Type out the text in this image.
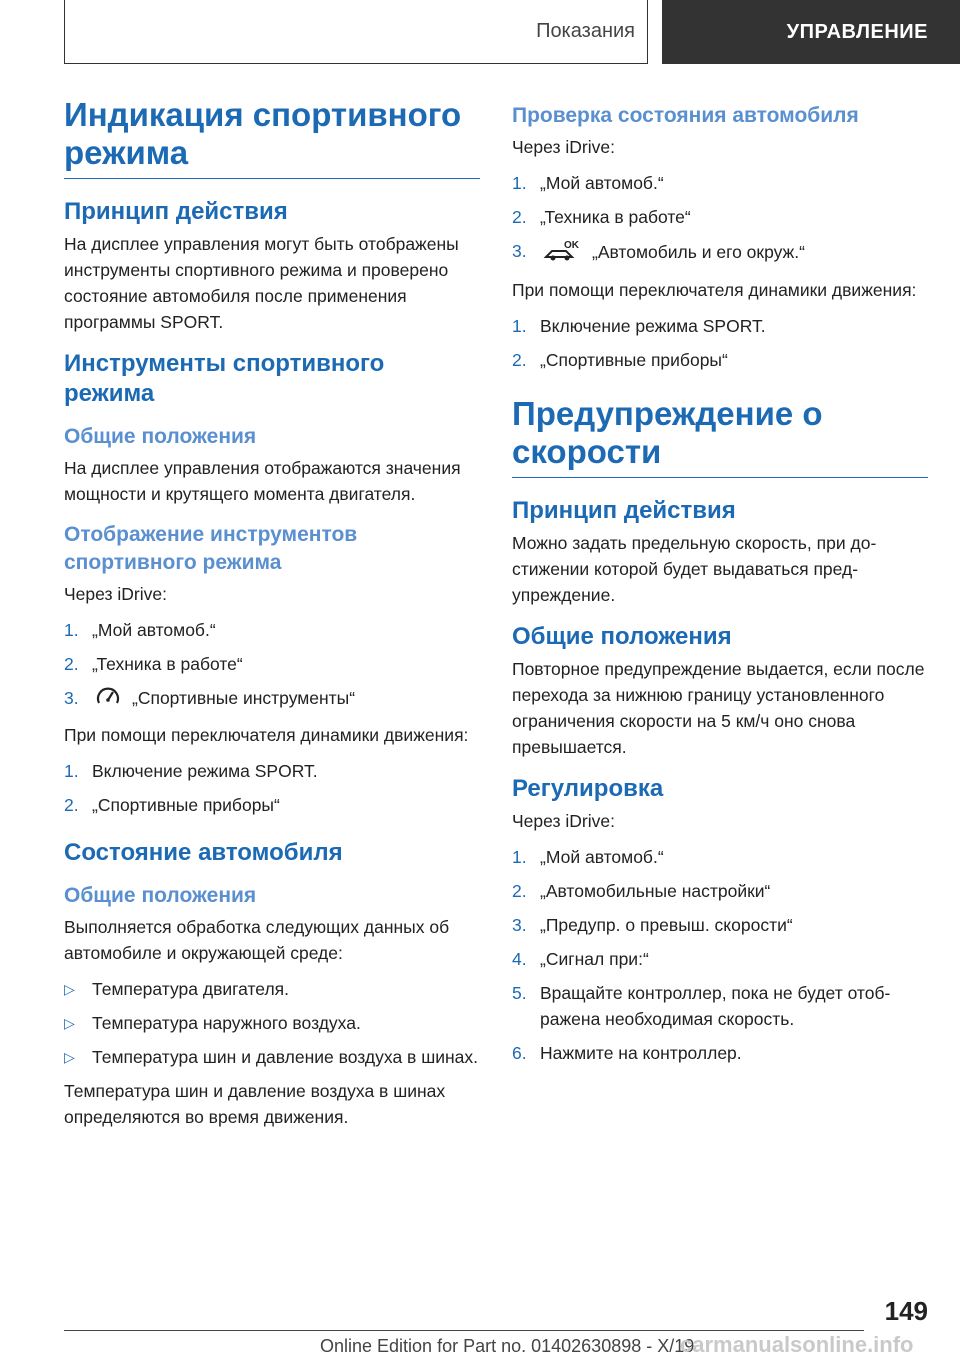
Показания	УПРАВЛЕНИЕ
Индикация спортивного режима
Принцип действия
На дисплее управления могут быть отображены инструменты спортивного режима и проверено состояние автомобиля после применения программы SPORT.
Инструменты спортивного режима
Общие положения
На дисплее управления отображаются значения мощности и крутящего момента двигателя.
Отображение инструментов спортивного режима
Через iDrive:
1. „Мой автомоб.“
2. „Техника в работе“
3.	„Спортивные инструменты“
При помощи переключателя динамики движения:
1. Включение режима SPORT.
2. „Спортивные приборы“
Состояние автомобиля
Общие положения
Выполняется обработка следующих данных об автомобиле и окружающей среде:
▷ Температура двигателя.
▷ Температура наружного воздуха.
▷ Температура шин и давление воздуха в шинах.
Температура шин и давление воздуха в шинах определяются во время движения.
Проверка состояния автомобиля
Через iDrive:
1. „Мой автомоб.“
2. „Техника в работе“
3.	OK „Автомобиль и его окруж.“
При помощи переключателя динамики движения:
1. Включение режима SPORT.
2. „Спортивные приборы“
Предупреждение о скорости
Принцип действия
Можно задать предельную скорость, при достижении которой будет выдаваться предупреждение.
Общие положения
Повторное предупреждение выдается, если после перехода за нижнюю границу установленного ограничения скорости на 5 км/ч оно снова превышается.
Регулировка
Через iDrive:
1. „Мой автомоб.“
2. „Автомобильные настройки“
3. „Предупр. о превыш. скорости“
4. „Сигнал при:“
5. Вращайте контроллер, пока не будет отображена необходимая скорость.
6. Нажмите на контроллер.
149
Online Edition for Part no. 01402630898 - X/19
carmanualsonline.info
